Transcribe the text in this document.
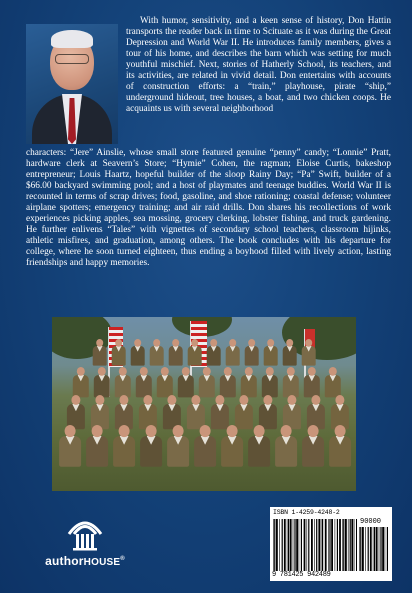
With humor, sensitivity, and a keen sense of history, Don Hattin transports the reader back in time to Scituate as it was during the Great Depression and World War II. He introduces family members, gives a tour of his home, and describes the barn which was setting for much youthful mischief. Next, stories of Hatherly School, its teachers, and its activities, are related in vivid detail. Don entertains with accounts of construction efforts: a “train,” playhouse, pirate “ship,” underground hideout, tree houses, a boat, and two chicken coops. He acquaints us with several neighborhood

characters: “Jere” Ainslie, whose small store featured genuine “penny” candy; “Lonnie” Pratt, hardware clerk at Seavern’s Store; “Hymie” Cohen, the ragman; Eloise Curtis, bakeshop entrepreneur; Louis Haartz, hopeful builder of the sloop Rainy Day; “Pa” Swift, builder of a $66.00 backyard swimming pool; and a host of playmates and teenage buddies. World War II is recounted in terms of scrap drives; food, gasoline, and shoe rationing; coastal defense; volunteer airplane spotters; emergency training; and air raid drills. Don shares his recollections of work experiences picking apples, sea mossing, grocery clerking, lobster fishing, and truck gardening. He further enlivens “Tales” with vignettes of secondary school teachers, classroom hijinks, athletic misfires, and graduation, among others. The book concludes with his departure for college, where he soon turned eighteen, thus ending a boyhood filled with lively action, lasting friendships and happy memories.

authorHOUSE®
ISBN 1-4259-4248-2
90000
9 781425 942489
